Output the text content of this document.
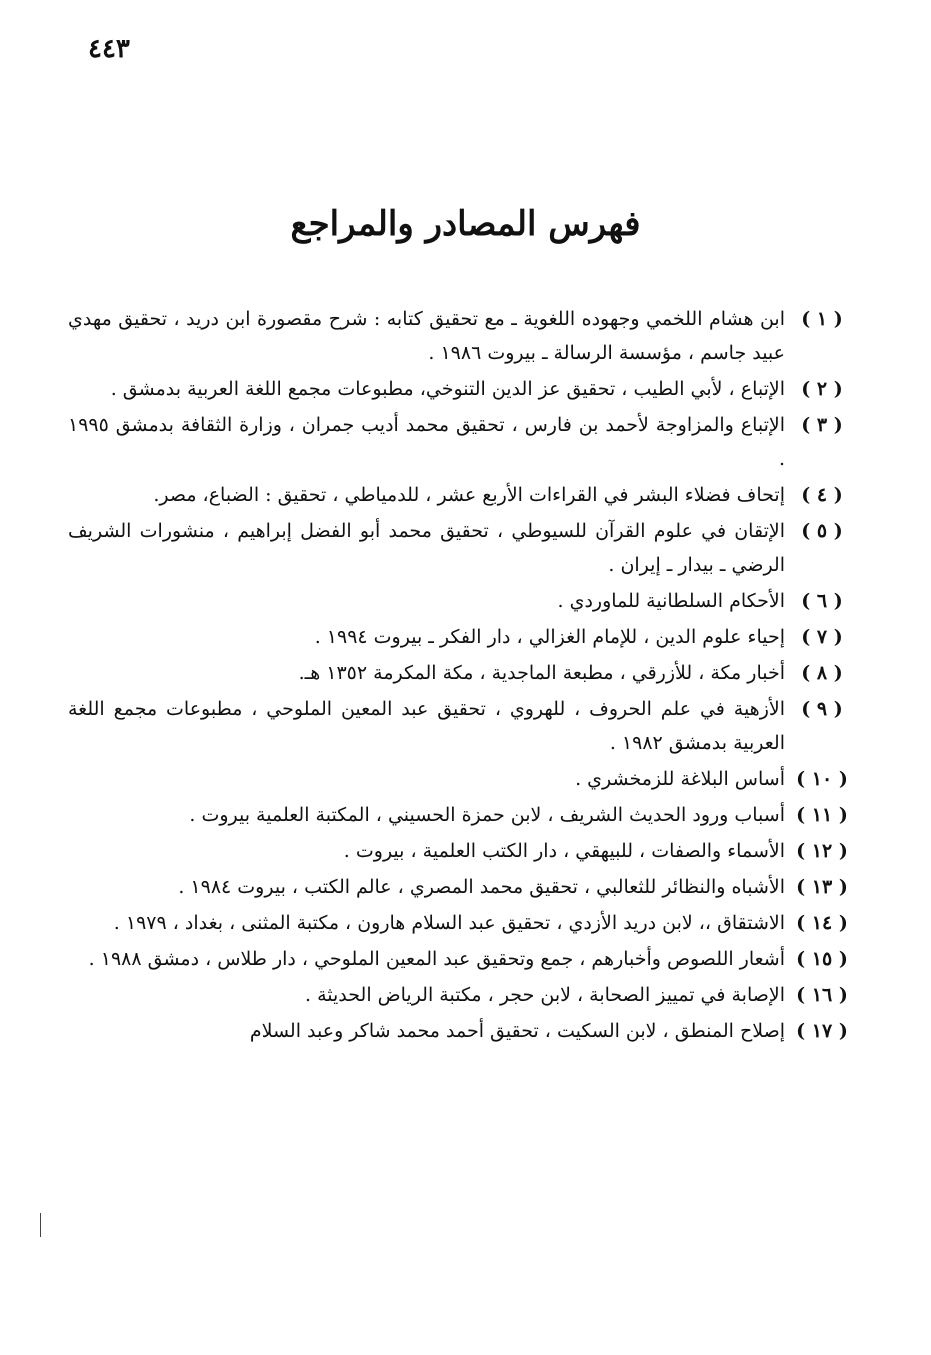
٤٤٣
فهرس المصادر والمراجع
( ١ )
ابن هشام اللخمي وجهوده اللغوية ـ مع تحقيق كتابه : شرح مقصورة ابن دريد ، تحقيق مهدي عبيد جاسم ، مؤسسة الرسالة ـ بيروت ١٩٨٦ .
( ٢ )
الإتباع ، لأبي الطيب ، تحقيق عز الدين التنوخي، مطبوعات مجمع اللغة العربية بدمشق .
( ٣ )
الإتباع والمزاوجة لأحمد بن فارس ، تحقيق محمد أديب جمران ، وزارة الثقافة بدمشق ١٩٩٥ .
( ٤ )
إتحاف فضلاء البشر في القراءات الأربع عشر ، للدمياطي ، تحقيق : الضباع، مصر.
( ٥ )
الإتقان في علوم القرآن للسيوطي ، تحقيق محمد أبو الفضل إبراهيم ، منشورات الشريف الرضي ـ بيدار ـ إيران .
( ٦ )
الأحكام السلطانية للماوردي .
( ٧ )
إحياء علوم الدين ، للإمام الغزالي ، دار الفكر ـ بيروت ١٩٩٤ .
( ٨ )
أخبار مكة ، للأزرقي ، مطبعة الماجدية ، مكة المكرمة ١٣٥٢ هـ.
( ٩ )
الأزهية في علم الحروف ، للهروي ، تحقيق عبد المعين الملوحي ، مطبوعات مجمع اللغة العربية بدمشق ١٩٨٢ .
( ١٠ )
أساس البلاغة للزمخشري .
( ١١ )
أسباب ورود الحديث الشريف ، لابن حمزة الحسيني ، المكتبة العلمية بيروت .
( ١٢ )
الأسماء والصفات ، للبيهقي ، دار الكتب العلمية ، بيروت .
( ١٣ )
الأشباه والنظائر للثعالبي ، تحقيق محمد المصري ، عالم الكتب ، بيروت ١٩٨٤ .
( ١٤ )
الاشتقاق ،، لابن دريد الأزدي ، تحقيق عبد السلام هارون ، مكتبة المثنى ، بغداد ، ١٩٧٩ .
( ١٥ )
أشعار اللصوص وأخبارهم ، جمع وتحقيق عبد المعين الملوحي ، دار طلاس ، دمشق ١٩٨٨ .
( ١٦ )
الإصابة في تمييز الصحابة ، لابن حجر ، مكتبة الرياض الحديثة .
( ١٧ )
إصلاح المنطق ، لابن السكيت ، تحقيق أحمد محمد شاكر وعبد السلام
